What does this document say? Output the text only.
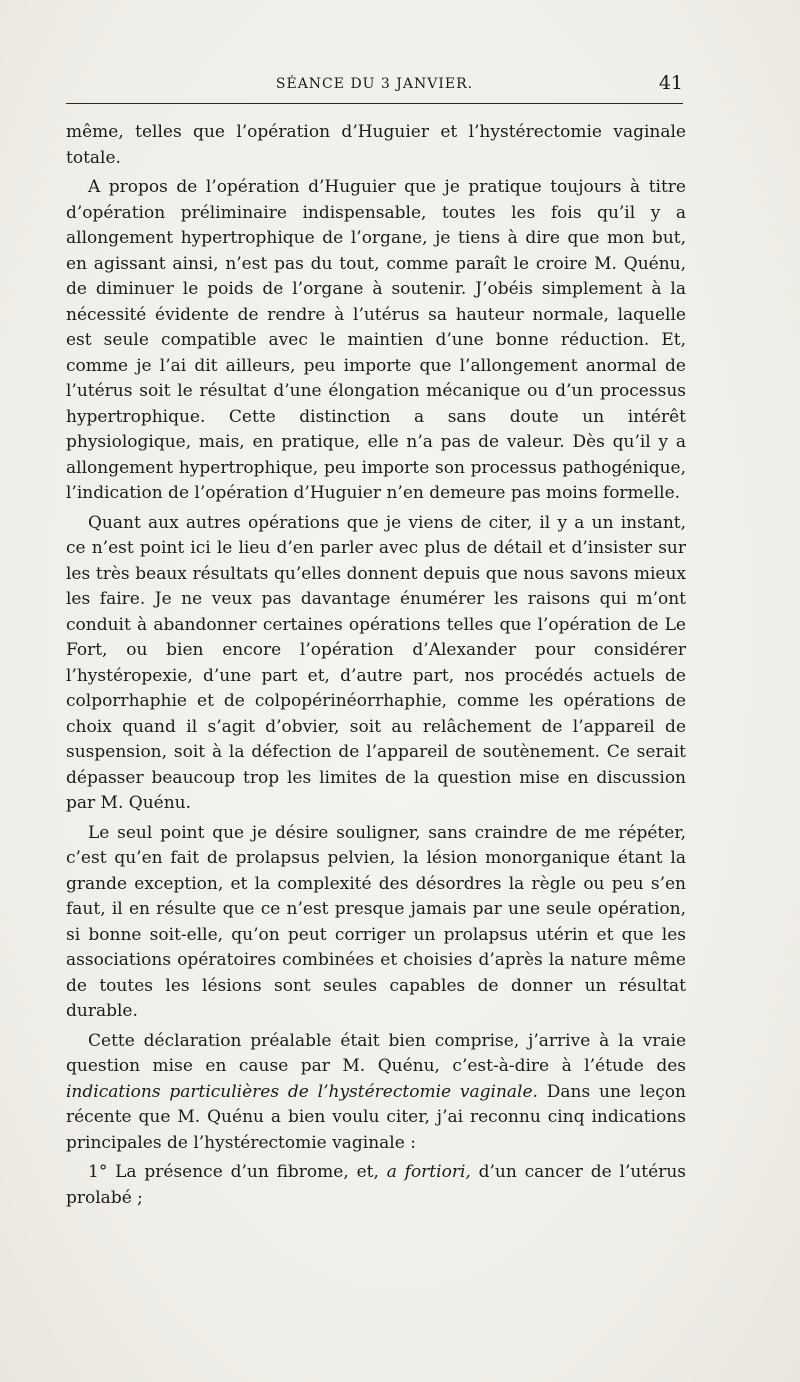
SÉANCE DU 3 JANVIER.	41

même, telles que l’opération d’Huguier et l’hystérectomie vaginale totale.

A propos de l’opération d’Huguier que je pratique toujours à titre d’opération préliminaire indispensable, toutes les fois qu’il y a allongement hypertrophique de l’organe, je tiens à dire que mon but, en agissant ainsi, n’est pas du tout, comme paraît le croire M. Quénu, de diminuer le poids de l’organe à soutenir. J’obéis simplement à la nécessité évidente de rendre à l’utérus sa hauteur normale, laquelle est seule compatible avec le maintien d’une bonne réduction. Et, comme je l’ai dit ailleurs, peu importe que l’allongement anormal de l’utérus soit le résultat d’une élongation mécanique ou d’un processus hypertrophique. Cette distinction a sans doute un intérêt physiologique, mais, en pratique, elle n’a pas de valeur. Dès qu’il y a allongement hypertrophique, peu importe son processus pathogénique, l’indication de l’opération d’Huguier n’en demeure pas moins formelle.

Quant aux autres opérations que je viens de citer, il y a un instant, ce n’est point ici le lieu d’en parler avec plus de détail et d’insister sur les très beaux résultats qu’elles donnent depuis que nous savons mieux les faire. Je ne veux pas davantage énumérer les raisons qui m’ont conduit à abandonner certaines opérations telles que l’opération de Le Fort, ou bien encore l’opération d’Alexander pour considérer l’hystéropexie, d’une part et, d’autre part, nos procédés actuels de colporrhaphie et de colpopérinéorrhaphie, comme les opérations de choix quand il s’agit d’obvier, soit au relâchement de l’appareil de suspension, soit à la défection de l’appareil de soutènement. Ce serait dépasser beaucoup trop les limites de la question mise en discussion par M. Quénu.

Le seul point que je désire souligner, sans craindre de me répéter, c’est qu’en fait de prolapsus pelvien, la lésion monorganique étant la grande exception, et la complexité des désordres la règle ou peu s’en faut, il en résulte que ce n’est presque jamais par une seule opération, si bonne soit-elle, qu’on peut corriger un prolapsus utérin et que les associations opératoires combinées et choisies d’après la nature même de toutes les lésions sont seules capables de donner un résultat durable.

Cette déclaration préalable était bien comprise, j’arrive à la vraie question mise en cause par M. Quénu, c’est-à-dire à l’étude des indications particulières de l’hystérectomie vaginale. Dans une leçon récente que M. Quénu a bien voulu citer, j’ai reconnu cinq indications principales de l’hystérectomie vaginale :

1° La présence d’un fibrome, et, a fortiori, d’un cancer de l’utérus prolabé ;
